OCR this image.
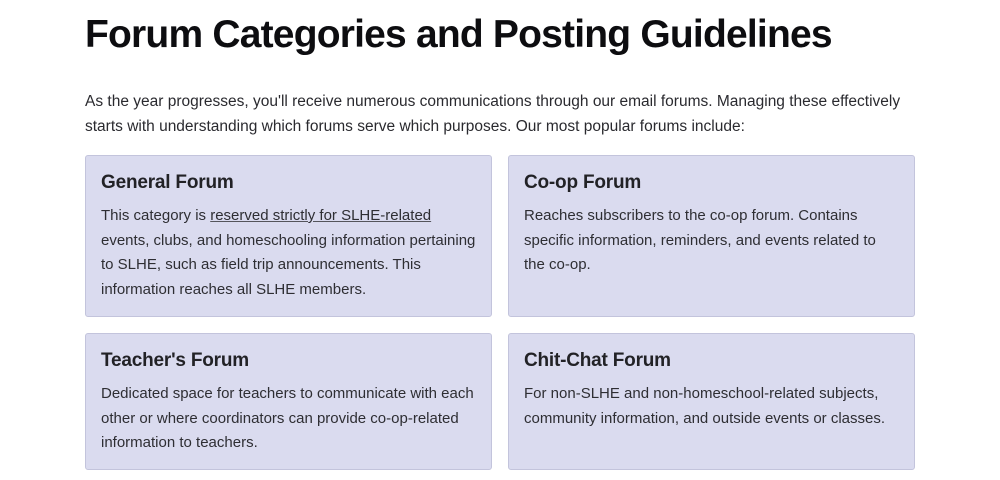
Forum Categories and Posting Guidelines

As the year progresses, you'll receive numerous communications through our email forums. Managing these effectively starts with understanding which forums serve which purposes. Our most popular forums include:

General Forum

This category is reserved strictly for SLHE-related events, clubs, and homeschooling information pertaining to SLHE, such as field trip announcements. This information reaches all SLHE members.

Co-op Forum

Reaches subscribers to the co-op forum. Contains specific information, reminders, and events related to the co-op.

Teacher's Forum

Dedicated space for teachers to communicate with each other or where coordinators can provide co-op-related information to teachers.

Chit-Chat Forum

For non-SLHE and non-homeschool-related subjects, community information, and outside events or classes.
